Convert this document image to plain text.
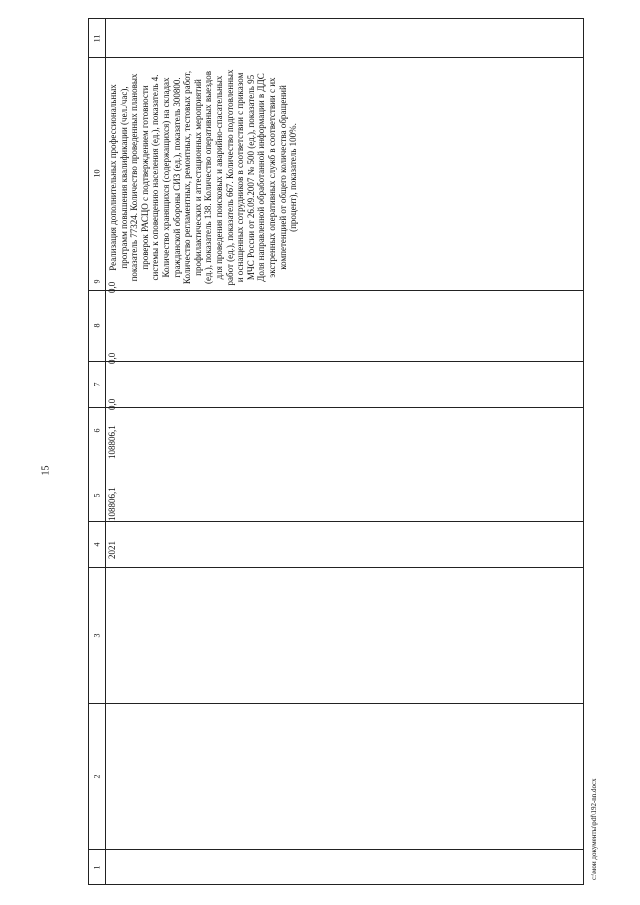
15
c:\мои документы\pdf\192-nn.docx
11
10
9
8
7
6
5
4
3
2
1
0,0
0,0
0,0
108806,1
108806,1
2021

Реализация дополнительных профессиональных программ повышения квалификации (чел./час), показатель 77324. Количество проведенных плановых проверок РАСЦО с подтверждением готовности системы к оповещению населения (ед.), показатель 4. Количество хранящихся (содержащихся) на складах гражданской обороны СИЗ (ед.), показатель 300800. Количество регламентных, ремонтных, тестовых работ, профилактических и аттестационных мероприятий (ед.), показатель 138. Количество оперативных выездов для проведения поисковых и аварийно-спасательных работ (ед.), показатель 667. Количество подготовленных и оснащенных сотрудников в соответствии с приказом МЧС России от 26.09.2007 № 500 (ед.), показатель 95 Доля направленной обработанной информации в ДДС экстренных оперативных служб в соответствии с их компетенцией от общего количества обращений (процент), показатель 100%.
